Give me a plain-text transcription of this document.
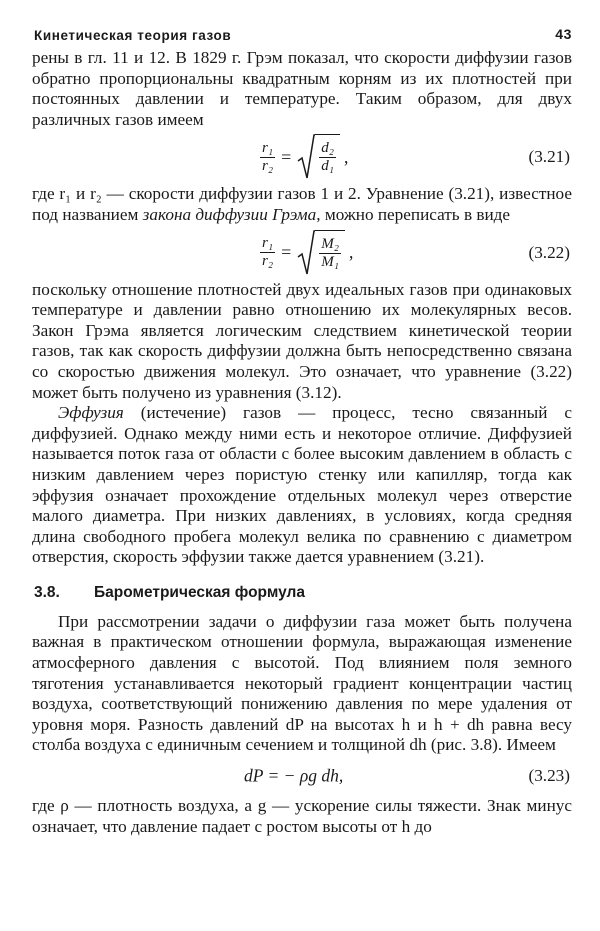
Кинетическая теория газов	43

рены в гл. 11 и 12. В 1829 г. Грэм показал, что скорости диффузии газов обратно пропорциональны квадратным корням из их плотностей при постоянных давлении и температуре. Таким образом, для двух различных газов имеем

$\frac{\text{r₁}}{\text{r₂}} = \frac{\text{d₂}}{\text{d₁}}$ ,	(3.21)

где r₁ и r₂ — скорости диффузии газов 1 и 2. Уравнение (3.21), известное под названием закона диффузии Грэма, можно переписать в виде

$\frac{\text{r₁}}{\text{r₂}} = \frac{\text{M₂}}{\text{M₁}}$ ,	(3.22)

поскольку отношение плотностей двух идеальных газов при одинаковых температуре и давлении равно отношению их молекулярных весов. Закон Грэма является логическим следствием кинетической теории газов, так как скорость диффузии должна быть непосредственно связана со скоростью движения молекул. Это означает, что уравнение (3.22) может быть получено из уравнения (3.12).

Эффузия (истечение) газов — процесс, тесно связанный с диффузией. Однако между ними есть и некоторое отличие. Диффузией называется поток газа от области с более высоким давлением в область с низким давлением через пористую стенку или капилляр, тогда как эффузия означает прохождение отдельных молекул через отверстие малого диаметра. При низких давлениях, в условиях, когда средняя длина свободного пробега молекул велика по сравнению с диаметром отверстия, скорость эффузии также дается уравнением (3.21).

3.8. Барометрическая формула

При рассмотрении задачи о диффузии газа может быть получена важная в практическом отношении формула, выражающая изменение атмосферного давления с высотой. Под влиянием поля земного тяготения устанавливается некоторый градиент концентрации частиц воздуха, соответствующий понижению давления по мере удаления от уровня моря. Разность давлений dP на высотах h и h + dh равна весу столба воздуха с единичным сечением и толщиной dh (рис. 3.8). Имеем

dP = − ρg dh,	(3.23)

где ρ — плотность воздуха, а g — ускорение силы тяжести. Знак минус означает, что давление падает с ростом высоты от h до
